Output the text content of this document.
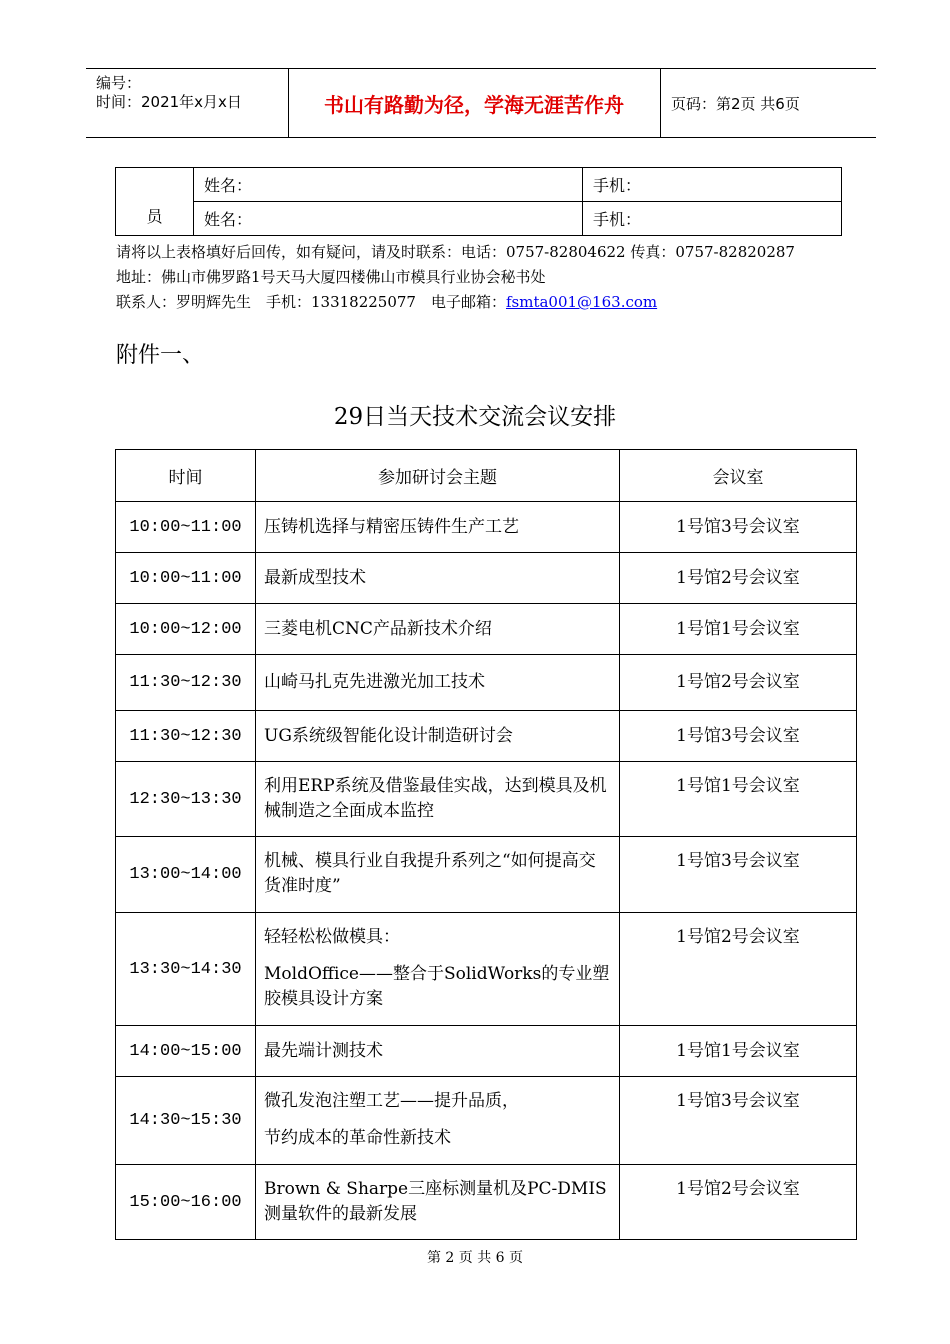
编号：
时间：2021年x月x日	书山有路勤为径，学海无涯苦作舟	页码：第2页 共6页
员	姓名：	手机：
	姓名：	手机：
请将以上表格填好后回传，如有疑问，请及时联系：电话：0757-82804622 传真：0757-82820287
地址：佛山市佛罗路1号天马大厦四楼佛山市模具行业协会秘书处
联系人：罗明辉先生　手机：13318225077　电子邮箱：fsmta001@163.com
附件一、
29日当天技术交流会议安排
时间	参加研讨会主题	会议室
10:00~11:00	压铸机选择与精密压铸件生产工艺	1号馆3号会议室
10:00~11:00	最新成型技术	1号馆2号会议室
10:00~12:00	三菱电机CNC产品新技术介绍	1号馆1号会议室
11:30~12:30	山崎马扎克先进激光加工技术	1号馆2号会议室
11:30~12:30	UG系统级智能化设计制造研讨会	1号馆3号会议室
12:30~13:30	利用ERP系统及借鉴最佳实战，达到模具及机械制造之全面成本监控	1号馆1号会议室
13:00~14:00	机械、模具行业自我提升系列之“如何提高交货准时度”	1号馆3号会议室
13:30~14:30	轻轻松松做模具：
MoldOffice——整合于SolidWorks的专业塑胶模具设计方案	1号馆2号会议室
14:00~15:00	最先端计测技术	1号馆1号会议室
14:30~15:30	微孔发泡注塑工艺——提升品质，
节约成本的革命性新技术	1号馆3号会议室
15:00~16:00	Brown & Sharpe三座标测量机及PC-DMIS测量软件的最新发展	1号馆2号会议室
第 2 页 共 6 页
